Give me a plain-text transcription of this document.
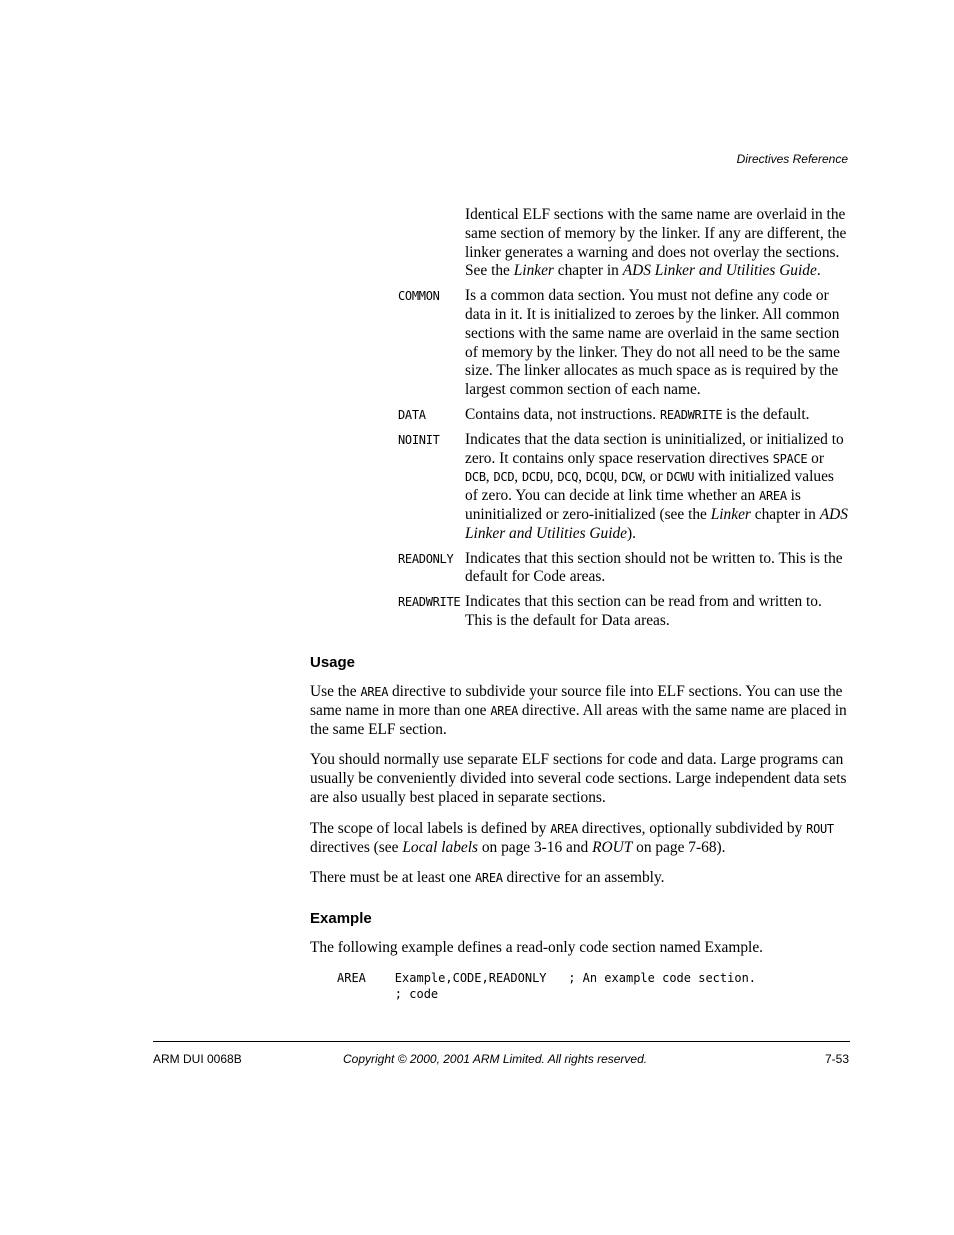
Directives Reference
Identical ELF sections with the same name are overlaid in the same section of memory by the linker. If any are different, the linker generates a warning and does not overlay the sections. See the Linker chapter in ADS Linker and Utilities Guide.
COMMON	Is a common data section. You must not define any code or data in it. It is initialized to zeroes by the linker. All common sections with the same name are overlaid in the same section of memory by the linker. They do not all need to be the same size. The linker allocates as much space as is required by the largest common section of each name.
DATA	Contains data, not instructions. READWRITE is the default.
NOINIT	Indicates that the data section is uninitialized, or initialized to zero. It contains only space reservation directives SPACE or DCB, DCD, DCDU, DCQ, DCQU, DCW, or DCWU with initialized values of zero. You can decide at link time whether an AREA is uninitialized or zero-initialized (see the Linker chapter in ADS Linker and Utilities Guide).
READONLY Indicates that this section should not be written to. This is the default for Code areas.
READWRITE Indicates that this section can be read from and written to. This is the default for Data areas.
Usage

Use the AREA directive to subdivide your source file into ELF sections. You can use the same name in more than one AREA directive. All areas with the same name are placed in the same ELF section.

You should normally use separate ELF sections for code and data. Large programs can usually be conveniently divided into several code sections. Large independent data sets are also usually best placed in separate sections.

The scope of local labels is defined by AREA directives, optionally subdivided by ROUT directives (see Local labels on page 3-16 and ROUT on page 7-68).

There must be at least one AREA directive for an assembly.

Example

The following example defines a read-only code section named Example.

AREA    Example,CODE,READONLY   ; An example code section.
; code
ARM DUI 0068B	Copyright © 2000, 2001 ARM Limited. All rights reserved.	7-53
